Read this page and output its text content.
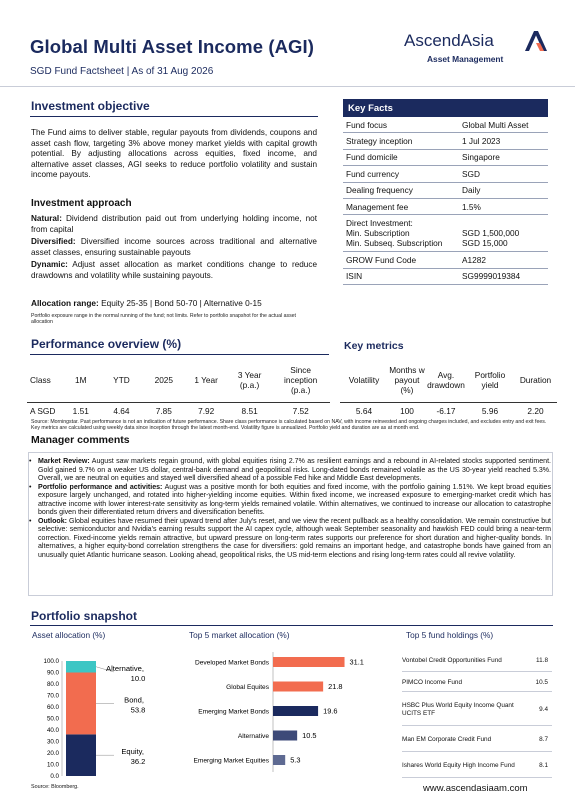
Global Multi Asset Income (AGI)
SGD Fund Factsheet | As of 31 Aug 2026
AscendAsia
Asset Management
Investment objective
The Fund aims to deliver stable, regular payouts from dividends, coupons and asset cash flow, targeting 3% above money market yields with capital growth potential. By adjusting allocations across equities, fixed income, and alternative asset classes, AGI seeks to reduce portfolio volatility and sustain income payouts.
Investment approach
Natural: Dividend distribution paid out from underlying holding income, not from capital
Diversified: Diversified income sources across traditional and alternative asset classes, ensuring sustainable payouts
Dynamic: Adjust asset allocation as market conditions change to reduce drawdowns and volatility while sustaining payouts.
Allocation range: Equity 25-35 | Bond 50-70 | Alternative 0-15
Portfolio exposure range in the normal running of the fund; not limits. Refer to portfolio snapshot for the actual asset allocation
Key Facts
Fund focus	Global Multi Asset
Strategy inception	1 Jul 2023
Fund domicile	Singapore
Fund currency	SGD
Dealing frequency	Daily
Management fee	1.5%
Direct Investment:
Min. Subscription	SGD 1,500,000
Min. Subseq. Subscription	SGD 15,000
GROW Fund Code	A1282
ISIN	SG9999019384
Performance overview (%)
Class	1M	YTD	2025	1 Year	3 Year (p.a.)	Since inception (p.a.)
A SGD	1.51	4.64	7.85	7.92	8.51	7.52
Key metrics
Volatility	Months w payout (%)	Avg. drawdown	Portfolio yield	Duration
5.64	100	-6.17	5.96	2.20
Source: Morningstar. Past performance is not an indication of future performance. Share class performance is calculated based on NAV, with income reinvested and ongoing charges included, and excludes entry and exit fees. Key metrics are calculated using weekly data since inception through the latest month-end. Volatility figure is annualized. Portfolio yield and duration are as at month end.
Manager comments
• Market Review: August saw markets regain ground, with global equities rising 2.7% as resilient earnings and a rebound in AI-related stocks supported sentiment. Gold gained 9.7% on a weaker US dollar, central-bank demand and geopolitical risks. Long-dated bonds remained volatile as the US 30-year yield reached 5.3%. Overall, we are neutral on equities and stayed well diversified ahead of a possible Fed hike and Middle East developments.
• Portfolio performance and activities: August was a positive month for both equities and fixed income, with the portfolio gaining 1.51%. We kept broad equities exposure largely unchanged, and rotated into higher-yielding income equities. Within fixed income, we increased exposure to emerging-market credit which has attractive income with lower interest-rate sensitivity as long-term yields remained volatile. Within alternatives, we continued to increase our allocation to catastrophe bonds given their differentiated return drivers and diversification benefits.
• Outlook: Global equities have resumed their upward trend after July's reset, and we view the recent pullback as a healthy consolidation. We remain constructive but selective: semiconductor and Nvidia's earning results support the AI capex cycle, although weak September seasonality and hawkish FED could bring a near-term correction. Fixed-income yields remain attractive, but upward pressure on long-term rates supports our preference for short duration and higher-quality bonds. In alternatives, a higher equity-bond correlation strengthens the case for diversifiers: gold remains an important hedge, and catastrophe bonds have gained from an unusually quiet Atlantic hurricane season. Looking ahead, geopolitical risks, the US mid-term elections and rising long-term rates could all revive volatility.
Portfolio snapshot
Asset allocation (%)	Top 5 market allocation (%)	Top 5 fund holdings (%)
0.0
10.0
20.0
30.0
40.0
50.0
60.0
70.0
80.0
90.0
100.0
Equity,
36.2
Bond,
53.8
Alternative,
10.0
Source: Bloomberg.
Developed Market Bonds	31.1
Global Equites	21.8
Emerging Market Bonds	19.6
Alternative	10.5
Emerging Market Equities	5.3
Vontobel Credit Opportunities Fund	11.8
PIMCO Income Fund	10.5
HSBC Plus World Equity Income Quant UCITS ETF	9.4
Man EM Corporate Credit Fund	8.7
Ishares World Equity High Income Fund	8.1
www.ascendasiaam.com
